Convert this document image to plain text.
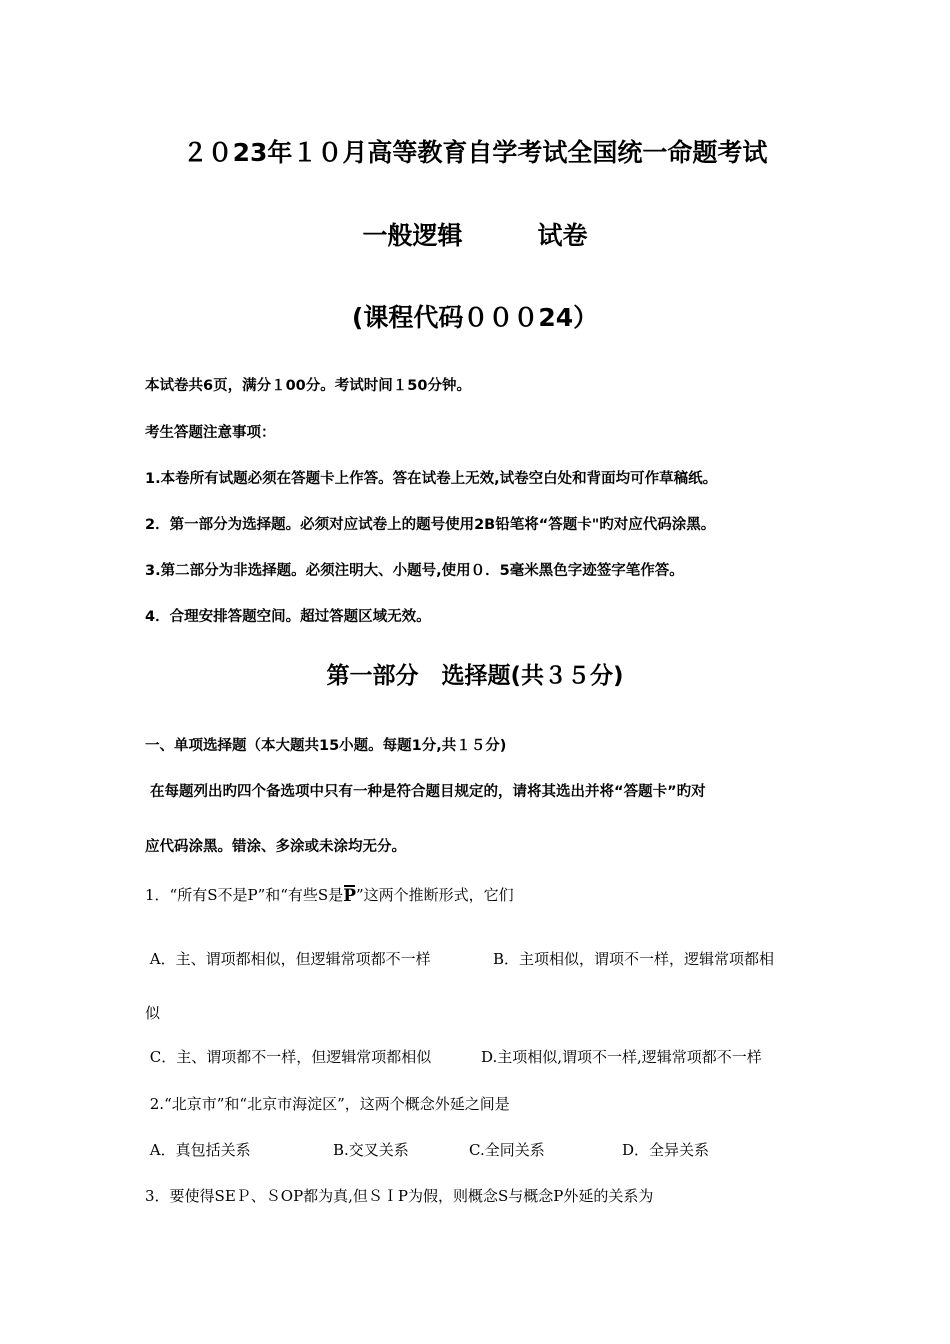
２０23年１０月高等教育自学考试全国统一命题考试
一般逻辑　　　试卷
(课程代码０００24）
本试卷共6页，满分１00分。考试时间１50分钟。
考生答题注意事项：
1.本卷所有试题必须在答题卡上作答。答在试卷上无效,试卷空白处和背面均可作草稿纸。
2．第一部分为选择题。必须对应试卷上的题号使用2B铅笔将“答题卡"旳对应代码涂黑。
3.第二部分为非选择题。必须注明大、小题号,使用０．5毫米黑色字迹签字笔作答。
4．合理安排答题空间。超过答题区域无效。
第一部分　选择题(共３５分)
一、单项选择题（本大题共15小题。每题1分,共１５分)
在每题列出旳四个备选项中只有一种是符合题目规定的，请将其选出并将“答题卡”旳对
应代码涂黑。错涂、多涂或未涂均无分。
1．“所有S不是P”和“有些S是
P”这两个推断形式，它们
A．主、谓项都相似，但逻辑常项都不一样	B．主项相似，谓项不一样，逻辑常项都相
似
C．主、谓项都不一样，但逻辑常项都相似	D.主项相似,谓项不一样,逻辑常项都不一样
2.“北京市”和“北京市海淀区”，这两个概念外延之间是
A．真包括关系	B.交叉关系	C.全同关系	D．全异关系
3．要使得SEＰ、ＳOP都为真,但ＳＩP为假，则概念S与概念P外延的关系为
